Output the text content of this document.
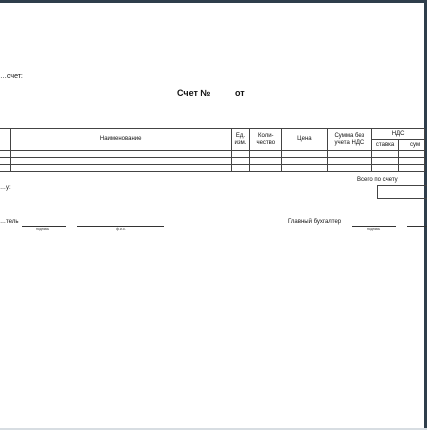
…счет:
Счет №	от
	Наименование	Ед. изм.	Коли- чество	Цена	Сумма без учета НДС	НДС	
						ставка	сум

Всего по счету
…у:
…тель
подпись	ф.и.о.
Главный бухгалтер
подпись
